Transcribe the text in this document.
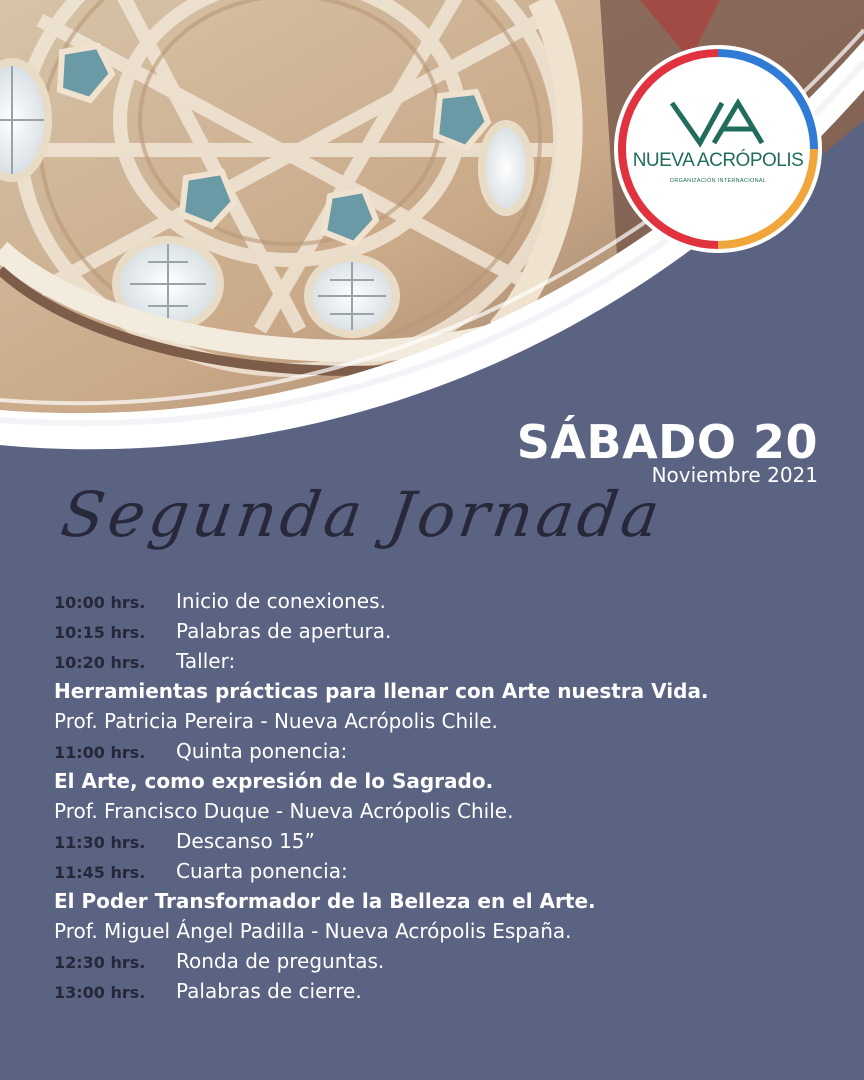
NUEVA ACRÓPOLIS
ORGANIZACIÓN INTERNACIONAL
SÁBADO 20
Noviembre 2021
Segunda Jornada
10:00 hrs. Inicio de conexiones.
10:15 hrs. Palabras de apertura.
10:20 hrs. Taller:
Herramientas prácticas para llenar con Arte nuestra Vida.
Prof. Patricia Pereira - Nueva Acrópolis Chile.
11:00 hrs. Quinta ponencia:
El Arte, como expresión de lo Sagrado.
Prof. Francisco Duque - Nueva Acrópolis Chile.
11:30 hrs. Descanso 15”
11:45 hrs. Cuarta ponencia:
El Poder Transformador de la Belleza en el Arte.
Prof. Miguel Ángel Padilla - Nueva Acrópolis España.
12:30 hrs. Ronda de preguntas.
13:00 hrs. Palabras de cierre.
